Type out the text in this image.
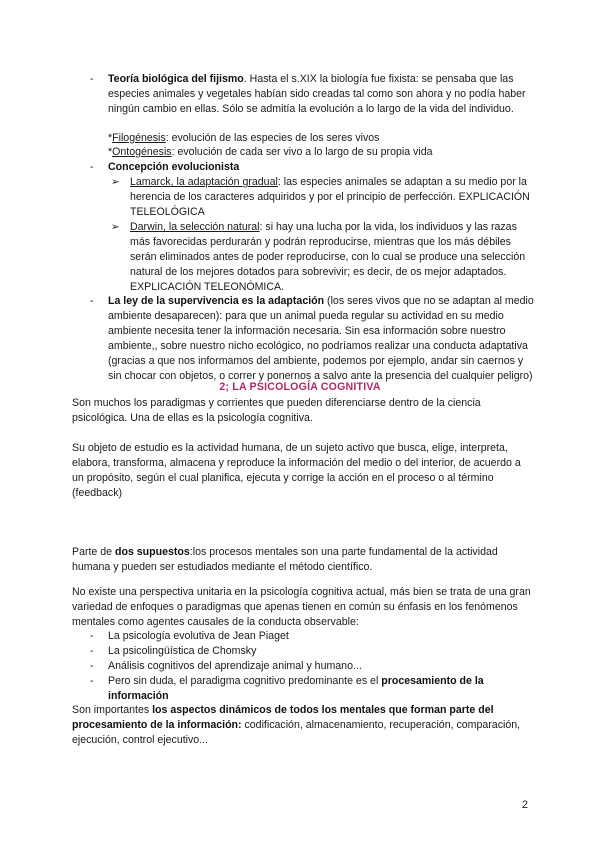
-	Teoría biológica del fijismo. Hasta el s.XIX la biología fue fixista: se pensaba que las especies animales y vegetales habían sido creadas tal como son ahora y no podía haber ningún cambio en ellas. Sólo se admitía la evolución a lo largo de la vida del individuo.

*Filogénesis: evolución de las especies de los seres vivos

*Ontogénesis: evolución de cada ser vivo a lo largo de su propia vida

-	Concepción evolucionista

➢ Lamarck, la adaptación gradual: las especies animales se adaptan a su medio por la herencia de los caracteres adquiridos y por el principio de perfección. EXPLICACIÓN TELEOLÓGICA

➢ Darwin, la selección natural: si hay una lucha por la vida, los individuos y las razas más favorecidas perdurarán y podrán reproducirse, mientras que los más débiles serán eliminados antes de poder reproducirse, con lo cual se produce una selección natural de los mejores dotados para sobrevivir; es decir, de os mejor adaptados. EXPLICACIÓN TELEONÓMICA.

-	La ley de la supervivencia es la adaptación (los seres vivos que no se adaptan al medio ambiente desaparecen): para que un animal pueda regular su actividad en su medio ambiente necesita tener la información necesaria. Sin esa información sobre nuestro ambiente,, sobre nuestro nicho ecológico, no podríamos realizar una conducta adaptativa (gracias a que nos informamos del ambiente, podemos por ejemplo, andar sin caernos y sin chocar con objetos, o correr y ponernos a salvo ante la presencia del cualquier peligro)

2; LA PSICOLOGÍA COGNITIVA

Son muchos los paradigmas y corrientes que pueden diferenciarse dentro de la ciencia psicológica. Una de ellas es la psicología cognitiva.

Su objeto de estudio es la actividad humana, de un sujeto activo que busca, elige, interpreta, elabora, transforma, almacena y reproduce la información del medio o del interior, de acuerdo a un propósito, según el cual planifica, ejecuta y corrige la acción en el proceso o al término (feedback)

Parte de dos supuestos:los procesos mentales son una parte fundamental de la actividad humana y pueden ser estudiados mediante el método científico.

No existe una perspectiva unitaria en la psicología cognitiva actual, más bien se trata de una gran variedad de enfoques o paradigmas que apenas tienen en común su énfasis en los fenómenos mentales como agentes causales de la conducta observable:

-	La psicología evolutiva de Jean Piaget

-	La psicolingüística de Chomsky

-	Análisis cognitivos del aprendizaje animal y humano...

-	Pero sin duda, el paradigma cognitivo predominante es el procesamiento de la información

Son importantes los aspectos dinámicos de todos los mentales que forman parte del procesamiento de la información: codificación, almacenamiento, recuperación, comparación, ejecución, control ejecutivo...

2
